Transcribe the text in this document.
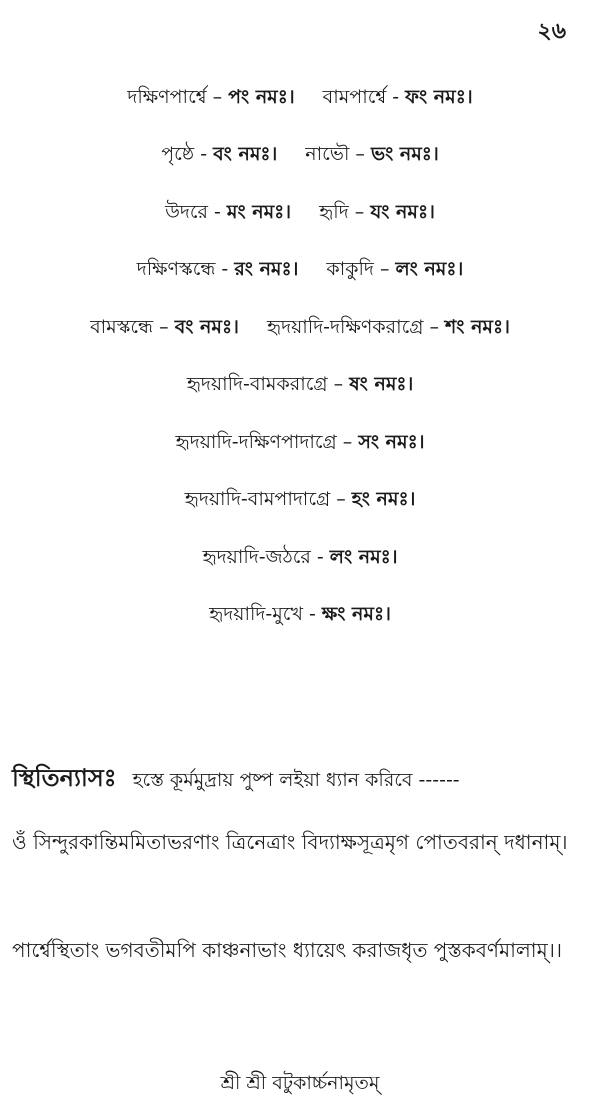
২৬
দক্ষিণপার্শ্বে – পং নমঃ। বামপার্শ্বে - ফং নমঃ।
পৃষ্ঠে - বং নমঃ। নাভৌ – ভং নমঃ।
উদরে - মং নমঃ। হৃদি – যং নমঃ।
দক্ষিণস্কন্ধে - রং নমঃ। কাকুদি – লং নমঃ।
বামস্কন্ধে – বং নমঃ। হৃদয়াদি-দক্ষিণকরাগ্রে – শং নমঃ।
হৃদয়াদি-বামকরাগ্রে – ষং নমঃ।
হৃদয়াদি-দক্ষিণপাদাগ্রে – সং নমঃ।
হৃদয়াদি-বামপাদাগ্রে – হং নমঃ।
হৃদয়াদি-জঠরে - লং নমঃ।
হৃদয়াদি-মুখে - ক্ষং নমঃ।
স্থিতিন্যাসঃ হস্তে কূর্মমুদ্রায় পুষ্প লইয়া ধ্যান করিবে ------
ওঁ সিন্দুরকান্তিমমিতাভরণাং ত্রিনেত্রাং বিদ্যাক্ষসূত্রমৃগ পোতবরান্ দধানাম্।
পার্শ্বেস্থিতাং ভগবতীমপি কাঞ্চনাভাং ধ্যায়েৎ করাজধৃত পুস্তকবর্ণমালাম্।।
শ্রী শ্রী বটুকার্চ্চনামৃতম্
